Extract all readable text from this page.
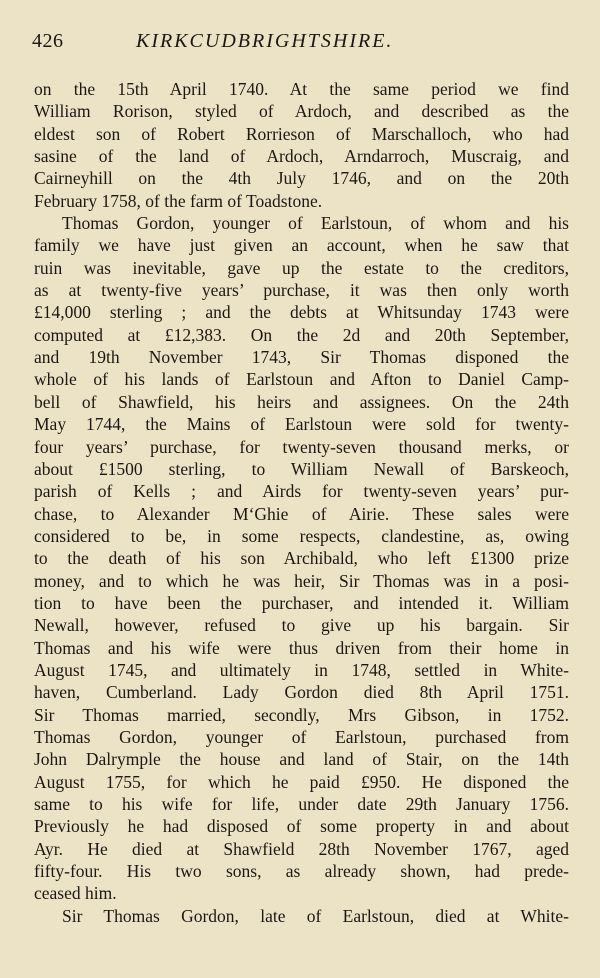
426	KIRKCUDBRIGHTSHIRE.
on the 15th April 1740. At the same period we find
William Rorison, styled of Ardoch, and described as the
eldest son of Robert Rorrieson of Marschalloch, who had
sasine of the land of Ardoch, Arndarroch, Muscraig, and
Cairneyhill on the 4th July 1746, and on the 20th
February 1758, of the farm of Toadstone.
Thomas Gordon, younger of Earlstoun, of whom and his
family we have just given an account, when he saw that
ruin was inevitable, gave up the estate to the creditors,
as at twenty-five years’ purchase, it was then only worth
£14,000 sterling ; and the debts at Whitsunday 1743 were
computed at £12,383. On the 2d and 20th September,
and 19th November 1743, Sir Thomas disponed the
whole of his lands of Earlstoun and Afton to Daniel Camp-
bell of Shawfield, his heirs and assignees. On the 24th
May 1744, the Mains of Earlstoun were sold for twenty-
four years’ purchase, for twenty-seven thousand merks, or
about £1500 sterling, to William Newall of Barskeoch,
parish of Kells ; and Airds for twenty-seven years’ pur-
chase, to Alexander M‘Ghie of Airie. These sales were
considered to be, in some respects, clandestine, as, owing
to the death of his son Archibald, who left £1300 prize
money, and to which he was heir, Sir Thomas was in a posi-
tion to have been the purchaser, and intended it. William
Newall, however, refused to give up his bargain. Sir
Thomas and his wife were thus driven from their home in
August 1745, and ultimately in 1748, settled in White-
haven, Cumberland. Lady Gordon died 8th April 1751.
Sir Thomas married, secondly, Mrs Gibson, in 1752.
Thomas Gordon, younger of Earlstoun, purchased from
John Dalrymple the house and land of Stair, on the 14th
August 1755, for which he paid £950. He disponed the
same to his wife for life, under date 29th January 1756.
Previously he had disposed of some property in and about
Ayr. He died at Shawfield 28th November 1767, aged
fifty-four. His two sons, as already shown, had prede-
ceased him.
Sir Thomas Gordon, late of Earlstoun, died at White-
